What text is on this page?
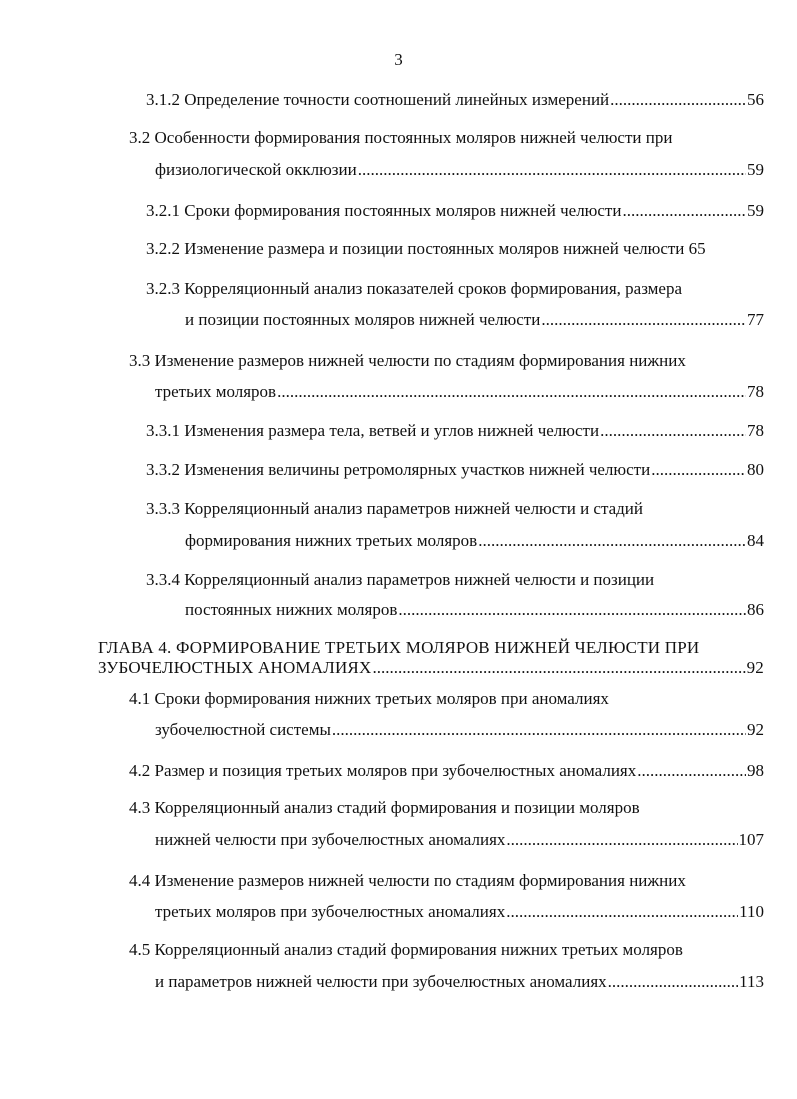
3
3.1.2 Определение точности соотношений линейных измерений .....	56
3.2 Особенности формирования постоянных моляров нижней челюсти при
физиологической окклюзии .....	59
3.2.1 Сроки формирования постоянных моляров нижней челюсти .....	59
3.2.2 Изменение размера и позиции постоянных моляров нижней челюсти 65
3.2.3 Корреляционный анализ показателей сроков формирования, размера
и позиции постоянных моляров нижней челюсти .....	77
3.3 Изменение размеров нижней челюсти по стадиям формирования нижних
третьих моляров .....	78
3.3.1 Изменения размера тела, ветвей и углов нижней челюсти .....	78
3.3.2 Изменения величины ретромолярных участков нижней челюсти .....	80
3.3.3 Корреляционный анализ параметров нижней челюсти и стадий
формирования нижних третьих моляров .....	84
3.3.4 Корреляционный анализ параметров нижней челюсти и позиции
постоянных нижних моляров .....	86
ГЛАВА 4. ФОРМИРОВАНИЕ ТРЕТЬИХ МОЛЯРОВ НИЖНЕЙ ЧЕЛЮСТИ ПРИ
ЗУБОЧЕЛЮСТНЫХ АНОМАЛИЯХ .....	92
4.1 Сроки формирования нижних третьих моляров при аномалиях
зубочелюстной системы .....	92
4.2 Размер и позиция третьих моляров при зубочелюстных аномалиях .....	98
4.3 Корреляционный анализ стадий формирования и позиции моляров
нижней челюсти при зубочелюстных аномалиях .....	107
4.4 Изменение размеров нижней челюсти по стадиям формирования нижних
третьих моляров при зубочелюстных аномалиях .....	110
4.5 Корреляционный анализ стадий формирования нижних третьих моляров
и параметров нижней челюсти при зубочелюстных аномалиях .....	113
